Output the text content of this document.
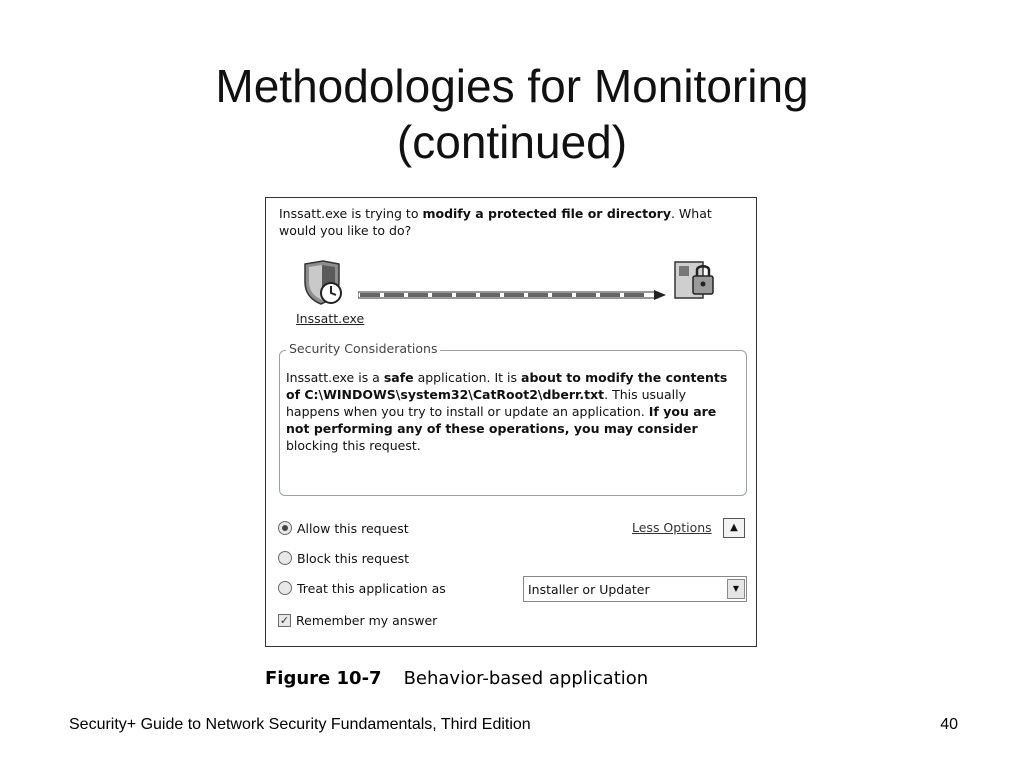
Methodologies for Monitoring
(continued)
Inssatt.exe is trying to modify a protected file or directory. What would you like to do?
Inssatt.exe
Security Considerations
Inssatt.exe is a safe application. It is about to modify the contents of C:\WINDOWS\system32\CatRoot2\dberr.txt. This usually happens when you try to install or update an application. If you are not performing any of these operations, you may consider blocking this request.
Allow this request
Block this request
Treat this application as
✓ Remember my answer
Less Options	▲
Installer or Updater	▼
Figure 10-7 Behavior-based application
Security+ Guide to Network Security Fundamentals, Third Edition	40
